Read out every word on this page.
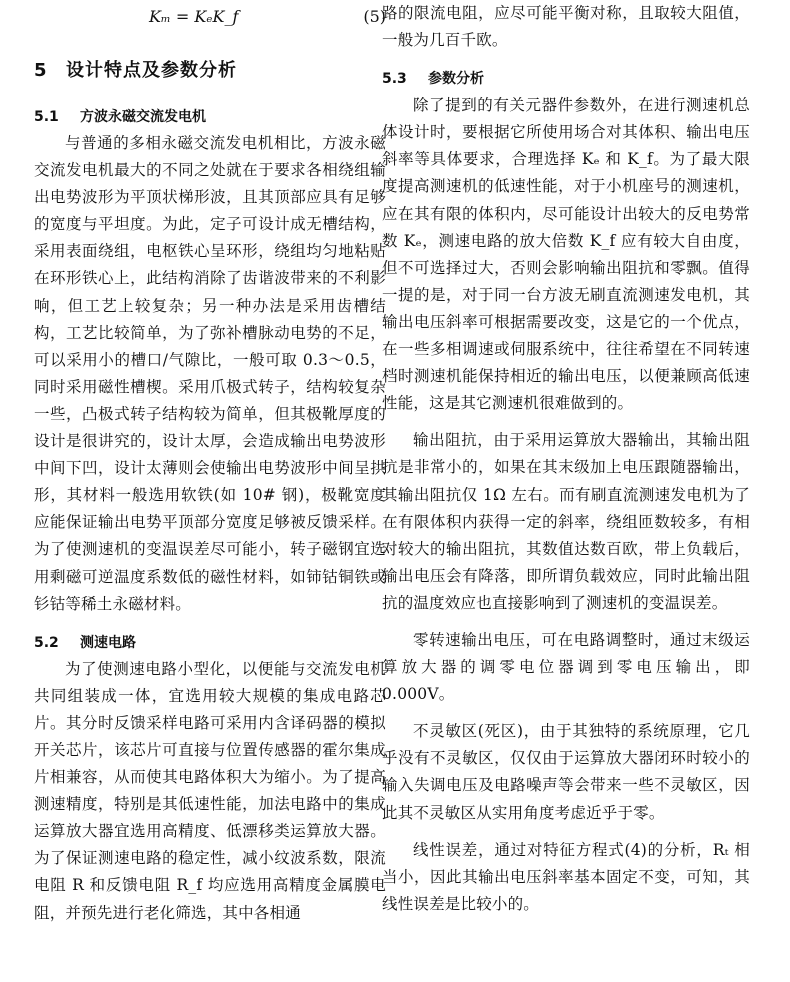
Kₘ = KₑK_f	(5)
5 设计特点及参数分析
5.1 方波永磁交流发电机

与普通的多相永磁交流发电机相比，方波永磁交流发电机最大的不同之处就在于要求各相绕组输出电势波形为平顶状梯形波，且其顶部应具有足够的宽度与平坦度。为此，定子可设计成无槽结构，采用表面绕组，电枢铁心呈环形，绕组均匀地粘贴在环形铁心上，此结构消除了齿谐波带来的不利影响，但工艺上较复杂；另一种办法是采用齿槽结构，工艺比较简单，为了弥补槽脉动电势的不足，可以采用小的槽口/气隙比，一般可取 0.3～0.5，同时采用磁性槽楔。采用爪极式转子，结构较复杂一些，凸极式转子结构较为简单，但其极靴厚度的设计是很讲究的，设计太厚，会造成输出电势波形中间下凹，设计太薄则会使输出电势波形中间呈拱形，其材料一般选用软铁(如 10# 钢)，极靴宽度应能保证输出电势平顶部分宽度足够被反馈采样。为了使测速机的变温误差尽可能小，转子磁钢宜选用剩磁可逆温度系数低的磁性材料，如铈钴铜铁或钐钴等稀土永磁材料。

5.2 测速电路

为了使测速电路小型化，以便能与交流发电机共同组装成一体，宜选用较大规模的集成电路芯片。其分时反馈采样电路可采用内含译码器的模拟开关芯片，该芯片可直接与位置传感器的霍尔集成片相兼容，从而使其电路体积大为缩小。为了提高测速精度，特别是其低速性能，加法电路中的集成运算放大器宜选用高精度、低漂移类运算放大器。为了保证测速电路的稳定性，减小纹波系数，限流电阻 R 和反馈电阻 R_f 均应选用高精度金属膜电阻，并预先进行老化筛选，其中各相通

路的限流电阻，应尽可能平衡对称，且取较大阻值，一般为几百千欧。

5.3 参数分析

除了提到的有关元器件参数外，在进行测速机总体设计时，要根据它所使用场合对其体积、输出电压斜率等具体要求，合理选择 Kₑ 和 K_f。为了最大限度提高测速机的低速性能，对于小机座号的测速机，应在其有限的体积内，尽可能设计出较大的反电势常数 Kₑ，测速电路的放大倍数 K_f 应有较大自由度，但不可选择过大，否则会影响输出阻抗和零飘。值得一提的是，对于同一台方波无刷直流测速发电机，其输出电压斜率可根据需要改变，这是它的一个优点，在一些多相调速或伺服系统中，往往希望在不同转速档时测速机能保持相近的输出电压，以便兼顾高低速性能，这是其它测速机很难做到的。

输出阻抗，由于采用运算放大器输出，其输出阻抗是非常小的，如果在其末级加上电压跟随器输出，其输出阻抗仅 1Ω 左右。而有刷直流测速发电机为了在有限体积内获得一定的斜率，绕组匝数较多，有相对较大的输出阻抗，其数值达数百欧，带上负载后，输出电压会有降落，即所谓负载效应，同时此输出阻抗的温度效应也直接影响到了测速机的变温误差。

零转速输出电压，可在电路调整时，通过末级运算放大器的调零电位器调到零电压输出，即 0.000V。

不灵敏区(死区)，由于其独特的系统原理，它几乎没有不灵敏区，仅仅由于运算放大器闭环时较小的输入失调电压及电路噪声等会带来一些不灵敏区，因此其不灵敏区从实用角度考虑近乎于零。

线性误差，通过对特征方程式(4)的分析，Rₜ 相当小，因此其输出电压斜率基本固定不变，可知，其线性误差是比较小的。
